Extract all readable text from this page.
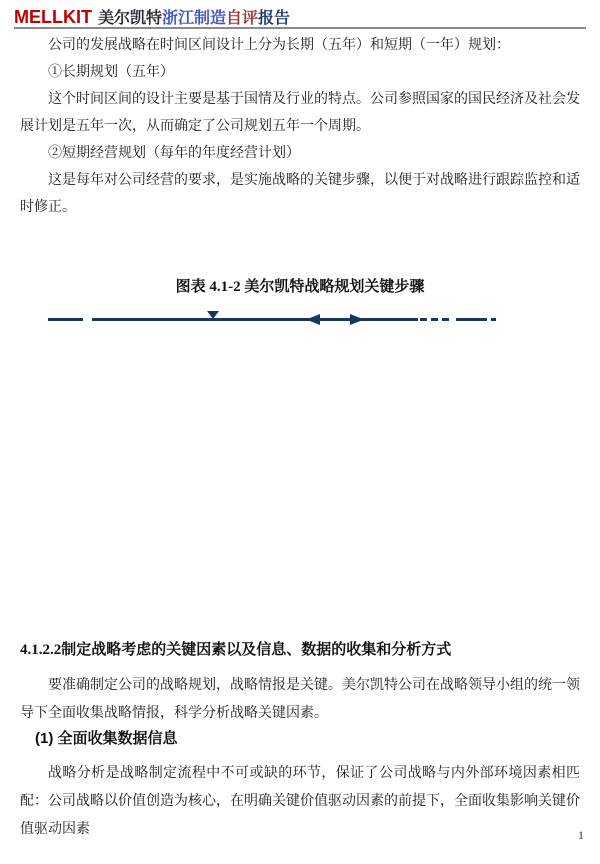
MELLKIT 美尔凯特浙江制造自评报告

公司的发展战略在时间区间设计上分为长期（五年）和短期（一年）规划：

①长期规划（五年）

这个时间区间的设计主要是基于国情及行业的特点。公司参照国家的国民经济及社会发展计划是五年一次，从而确定了公司规划五年一个周期。

②短期经营规划（每年的年度经营计划）

这是每年对公司经营的要求，是实施战略的关键步骤，以便于对战略进行跟踪监控和适时修正。

图表 4.1-2 美尔凯特战略规划关键步骤
4.1.2.2制定战略考虑的关键因素以及信息、数据的收集和分析方式
要准确制定公司的战略规划，战略情报是关键。美尔凯特公司在战略领导小组的统一领导下全面收集战略情报，科学分析战略关键因素。
(1) 全面收集数据信息
战略分析是战略制定流程中不可或缺的环节，保证了公司战略与内外部环境因素相匹配：公司战略以价值创造为核心，在明确关键价值驱动因素的前提下，全面收集影响关键价值驱动因素	1
